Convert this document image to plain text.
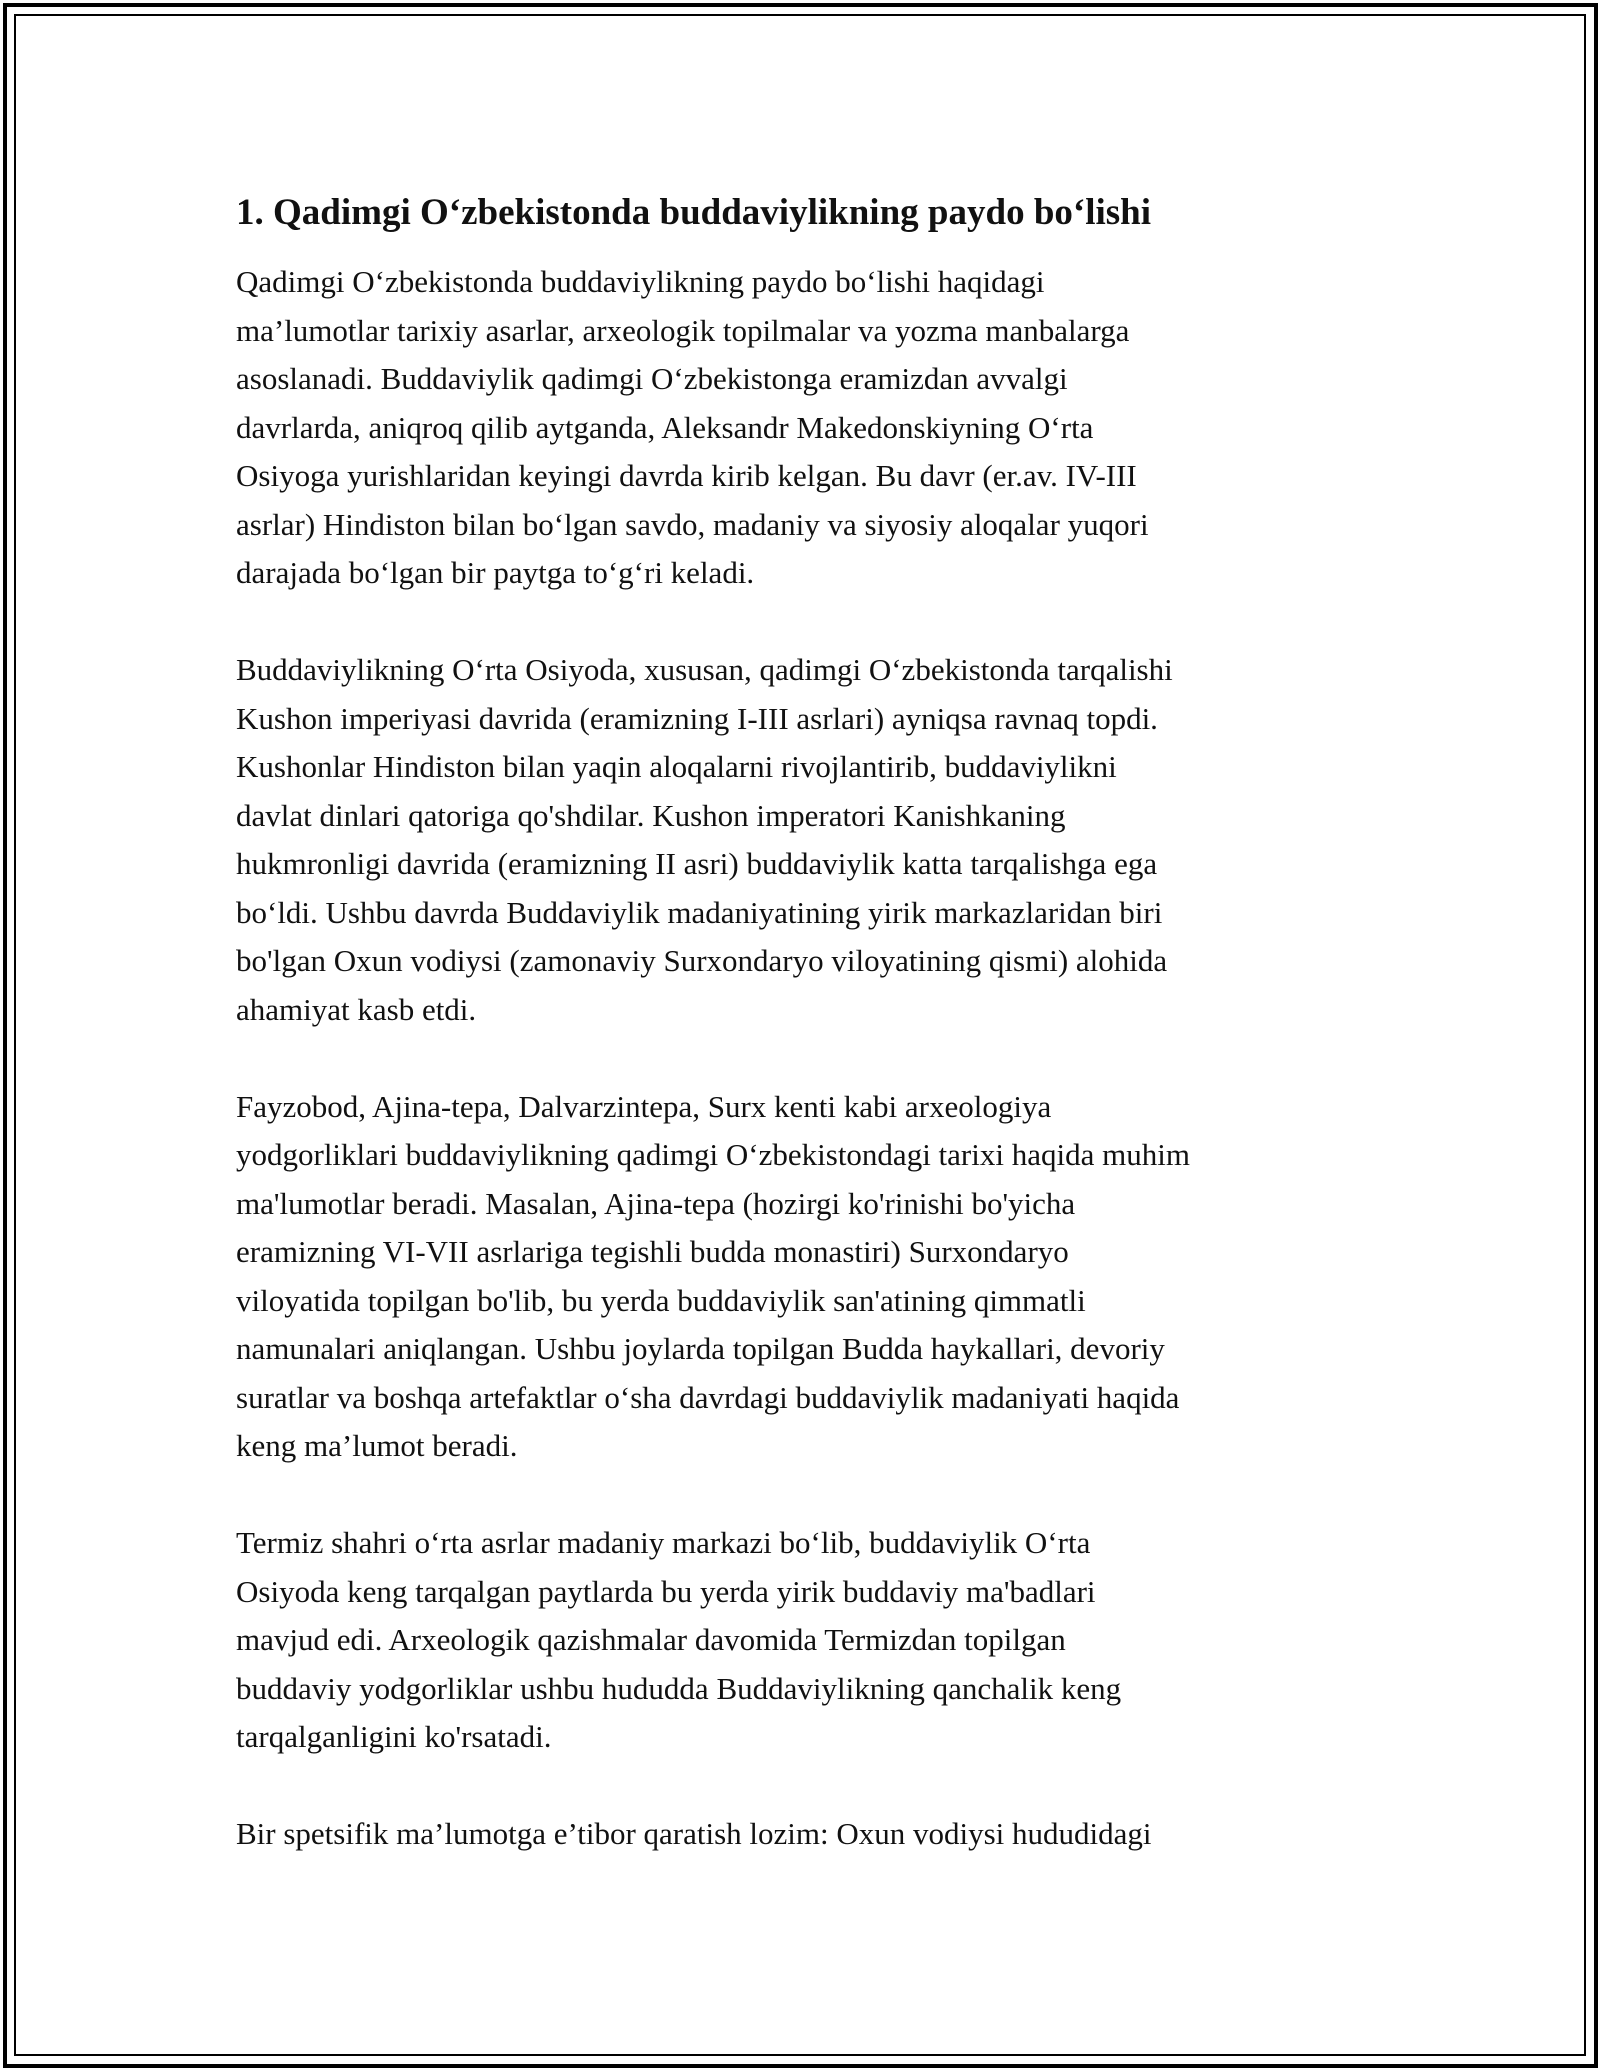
1. Qadimgi O‘zbekistonda buddaviylikning paydo bo‘lishi

Qadimgi O‘zbekistonda buddaviylikning paydo bo‘lishi haqidagi
ma’lumotlar tarixiy asarlar, arxeologik topilmalar va yozma manbalarga
asoslanadi. Buddaviylik qadimgi O‘zbekistonga eramizdan avvalgi
davrlarda, aniqroq qilib aytganda, Aleksandr Makedonskiyning O‘rta
Osiyoga yurishlaridan keyingi davrda kirib kelgan. Bu davr (er.av. IV-III
asrlar) Hindiston bilan bo‘lgan savdo, madaniy va siyosiy aloqalar yuqori
darajada bo‘lgan bir paytga to‘g‘ri keladi.

Buddaviylikning O‘rta Osiyoda, xususan, qadimgi O‘zbekistonda tarqalishi
Kushon imperiyasi davrida (eramizning I-III asrlari) ayniqsa ravnaq topdi.
Kushonlar Hindiston bilan yaqin aloqalarni rivojlantirib, buddaviylikni
davlat dinlari qatoriga qo'shdilar. Kushon imperatori Kanishkaning
hukmronligi davrida (eramizning II asri) buddaviylik katta tarqalishga ega
bo‘ldi. Ushbu davrda Buddaviylik madaniyatining yirik markazlaridan biri
bo'lgan Oxun vodiysi (zamonaviy Surxondaryo viloyatining qismi) alohida
ahamiyat kasb etdi.

Fayzobod, Ajina-tepa, Dalvarzintepa, Surx kenti kabi arxeologiya
yodgorliklari buddaviylikning qadimgi O‘zbekistondagi tarixi haqida muhim
ma'lumotlar beradi. Masalan, Ajina-tepa (hozirgi ko'rinishi bo'yicha
eramizning VI-VII asrlariga tegishli budda monastiri) Surxondaryo
viloyatida topilgan bo'lib, bu yerda buddaviylik san'atining qimmatli
namunalari aniqlangan. Ushbu joylarda topilgan Budda haykallari, devoriy
suratlar va boshqa artefaktlar o‘sha davrdagi buddaviylik madaniyati haqida
keng ma’lumot beradi.

Termiz shahri o‘rta asrlar madaniy markazi bo‘lib, buddaviylik O‘rta
Osiyoda keng tarqalgan paytlarda bu yerda yirik buddaviy ma'badlari
mavjud edi. Arxeologik qazishmalar davomida Termizdan topilgan
buddaviy yodgorliklar ushbu hududda Buddaviylikning qanchalik keng
tarqalganligini ko'rsatadi.

Bir spetsifik ma’lumotga e’tibor qaratish lozim: Oxun vodiysi hududidagi
